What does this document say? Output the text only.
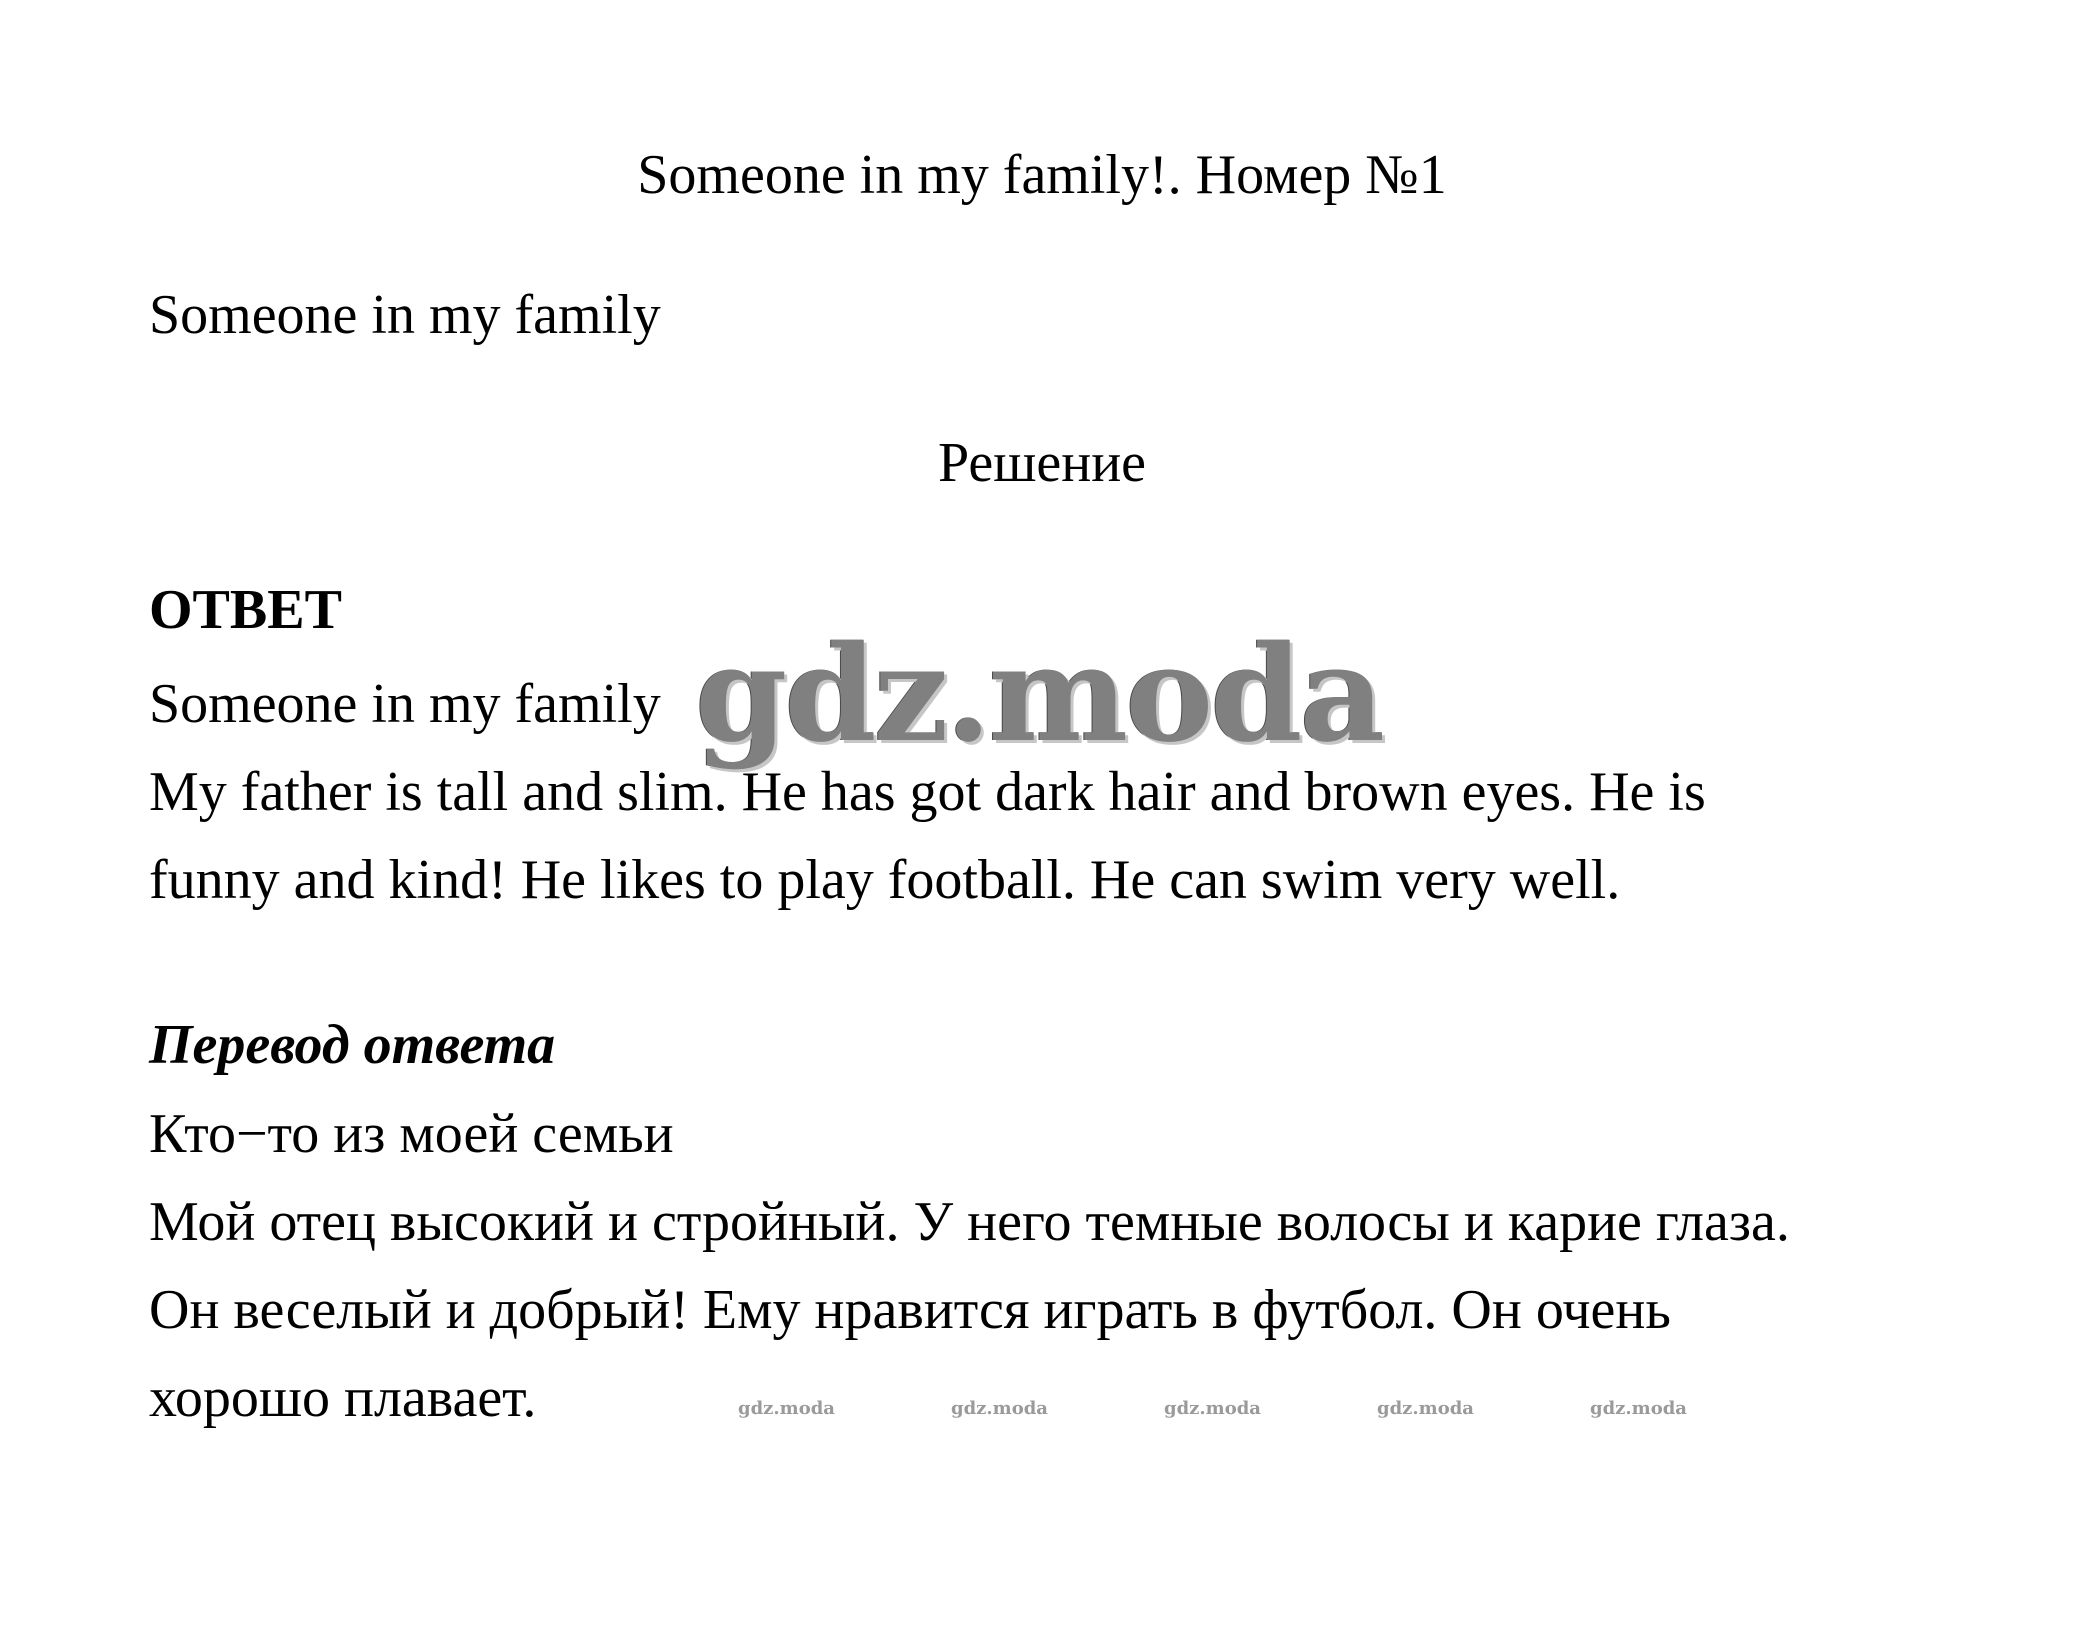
Someone in my family!. Номер №1
Someone in my family
Решение
ОТВЕТ

Someone in my family

My father is tall and slim. He has got dark hair and brown eyes. He is

funny and kind! He likes to play football. He can swim very well.

Перевод ответа

Кто−то из моей семьи

Мой отец высокий и стройный. У него темные волосы и карие глаза.

Он веселый и добрый! Ему нравится играть в футбол. Он очень

хорошо плавает.

gdz.moda
gdz.moda	gdz.moda	gdz.moda	gdz.moda	gdz.moda
